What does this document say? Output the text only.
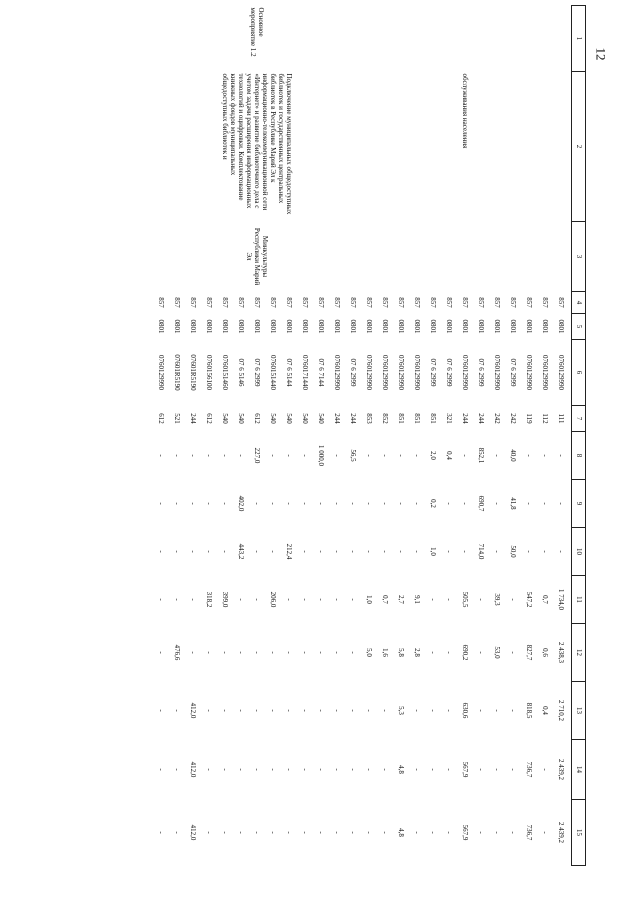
12
1	2	3	4	5	6	7	8	9	10	11	12	13	14	15
	обслуживания населения		857	0801	0760129990	111	-	-	-	1 734,0	2 438,3	2 710,2	2 439,2	2 439,2
			857	0801	0760129990	112	-	-	-	0,7	0,6	0,4	-	-
			857	0801	0760129990	119	-	-	-	547,2	827,7	818,5	736,7	736,7
			857	0801	07 6 2999	242	40,0	41,8	50,0	-	-	-	-	-
			857	0801	0760129990	242	-	-	-	39,3	53,0	-	-	-
			857	0801	07 6 2999	244	852,1	690,7	714,0	-	-	-	-	-
			857	0801	0760129990	244	-	-	-	505,5	690,2	630,6	567,9	567,9
			857	0801	07 6 2999	321	0,4	-	-	-	-	-	-	-
			857	0801	07 6 2999	851	2,0	0,2	1,0	-	-	-	-	-
			857	0801	0760129990	851	-	-	-	9,1	2,8	-	-	-
			857	0801	0760129990	851	-	-	-	2,7	5,8	5,3	4,8	4,8
			857	0801	0760129990	852	-	-	-	0,7	1,6	-	-	-
			857	0801	0760129990	853	-	-	-	1,0	5,0	-	-	-
Основное мероприятие 1.2	Подключение муниципальных общедоступных библиотек и государственных центральных библиотек в Республике Марий Эл к информационно-телекоммуникационной сети «Интернет» и развитие библиотечного дела с учетом задачи расширения информационных технологий и оцифровки. Комплектование книжных фондов муниципальных общедоступных библиотек и	Минкультуры Республики Марий Эл	857	0801	07 6 2999	244	56,5	-	-	-	-	-	-	-
			857	0801	0760129990	244	-	-	-	-	-	-	-	-
			857	0801	07 6 7144	540	1 000,0	-	-	-	-	-	-	-
			857	0801	0760171440	540	-	-	-	-	-	-	-	-
			857	0801	07 6 5144	540	-	-	212,4	-	-	-	-	-
			857	0801	0760151440	540	-	-	-	206,0	-	-	-	-
			857	0801	07 6 2999	612	227,0	-	-	-	-	-	-	-
			857	0801	07 6 5146	540	-	402,0	443,2	-	-	-	-	-
			857	0801	0760151460	540	-	-	-	399,0	-	-	-	-
			857	0801	0760156100	612	-	-	-	318,2	-	-	-	-
			857	0801	07601R5190	244	-	-	-	-	-	412,0	412,0	412,0
			857	0801	07601R5190	521	-	-	-	-	476,6	-	-	-
			857	0801	0760129990	612	-	-	-	-	-	-	-	-
